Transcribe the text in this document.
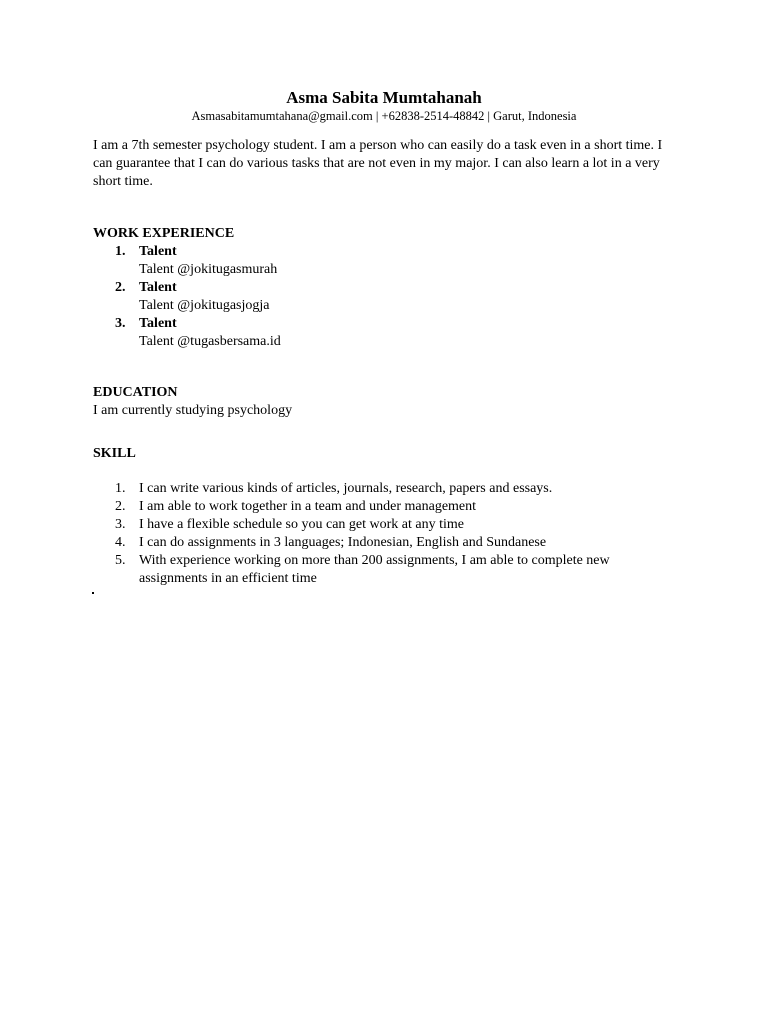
Asma Sabita Mumtahanah
Asmasabitamumtahana@gmail.com | +62838-2514-48842 | Garut, Indonesia
I am a 7th semester psychology student. I am a person who can easily do a task even in a short time. I can guarantee that I can do various tasks that are not even in my major. I can also learn a lot in a very short time.
WORK EXPERIENCE
1. Talent
Talent @jokitugasmurah
2. Talent
Talent @jokitugasjogja
3. Talent
Talent @tugasbersama.id
EDUCATION
I am currently studying psychology
SKILL
1. I can write various kinds of articles, journals, research, papers and essays.
2. I am able to work together in a team and under management
3. I have a flexible schedule so you can get work at any time
4. I can do assignments in 3 languages; Indonesian, English and Sundanese
5. With experience working on more than 200 assignments, I am able to complete new assignments in an efficient time
